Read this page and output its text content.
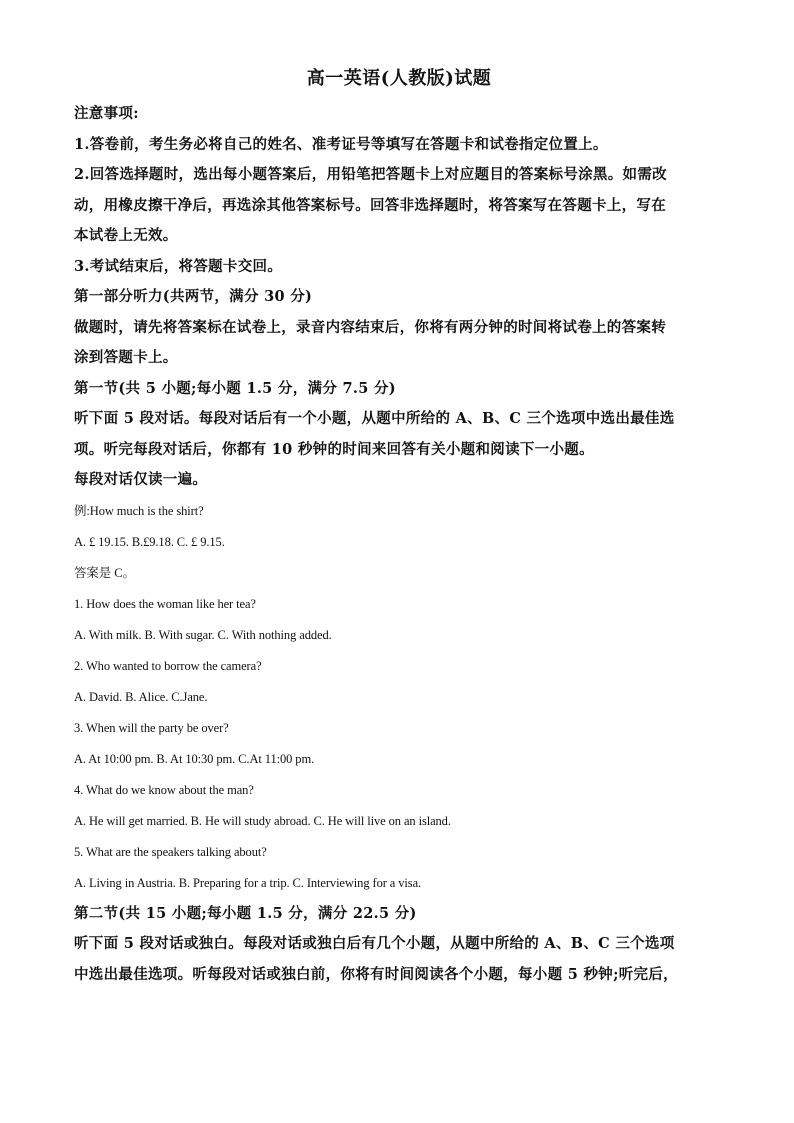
高一英语(人教版)试题

注意事项:

1.答卷前，考生务必将自己的姓名、准考证号等填写在答题卡和试卷指定位置上。

2.回答选择题时，选出每小题答案后，用铅笔把答题卡上对应题目的答案标号涂黑。如需改

动，用橡皮擦干净后，再选涂其他答案标号。回答非选择题时，将答案写在答题卡上，写在

本试卷上无效。

3.考试结束后，将答题卡交回。

第一部分听力(共两节，满分 30 分)

做题时，请先将答案标在试卷上，录音内容结束后，你将有两分钟的时间将试卷上的答案转

涂到答题卡上。

第一节(共 5 小题;每小题 1.5 分，满分 7.5 分)

听下面 5 段对话。每段对话后有一个小题，从题中所给的 A、B、C 三个选项中选出最佳选

项。听完每段对话后，你都有 10 秒钟的时间来回答有关小题和阅读下一小题。

每段对话仅读一遍。

例:How much is the shirt?

A. £ 19.15. B.£9.18. C. £ 9.15.

答案是 C。

1. How does the woman like her tea?

A. With milk. B. With sugar. C. With nothing added.

2. Who wanted to borrow the camera?

A. David. B. Alice. C.Jane.

3. When will the party be over?

A. At 10:00 pm. B. At 10:30 pm. C.At 11:00 pm.

4. What do we know about the man?

A. He will get married. B. He will study abroad. C. He will live on an island.

5. What are the speakers talking about?

A. Living in Austria. B. Preparing for a trip. C. Interviewing for a visa.

第二节(共 15 小题;每小题 1.5 分，满分 22.5 分)

听下面 5 段对话或独白。每段对话或独白后有几个小题，从题中所给的 A、B、C 三个选项

中选出最佳选项。听每段对话或独白前，你将有时间阅读各个小题，每小题 5 秒钟;听完后，
